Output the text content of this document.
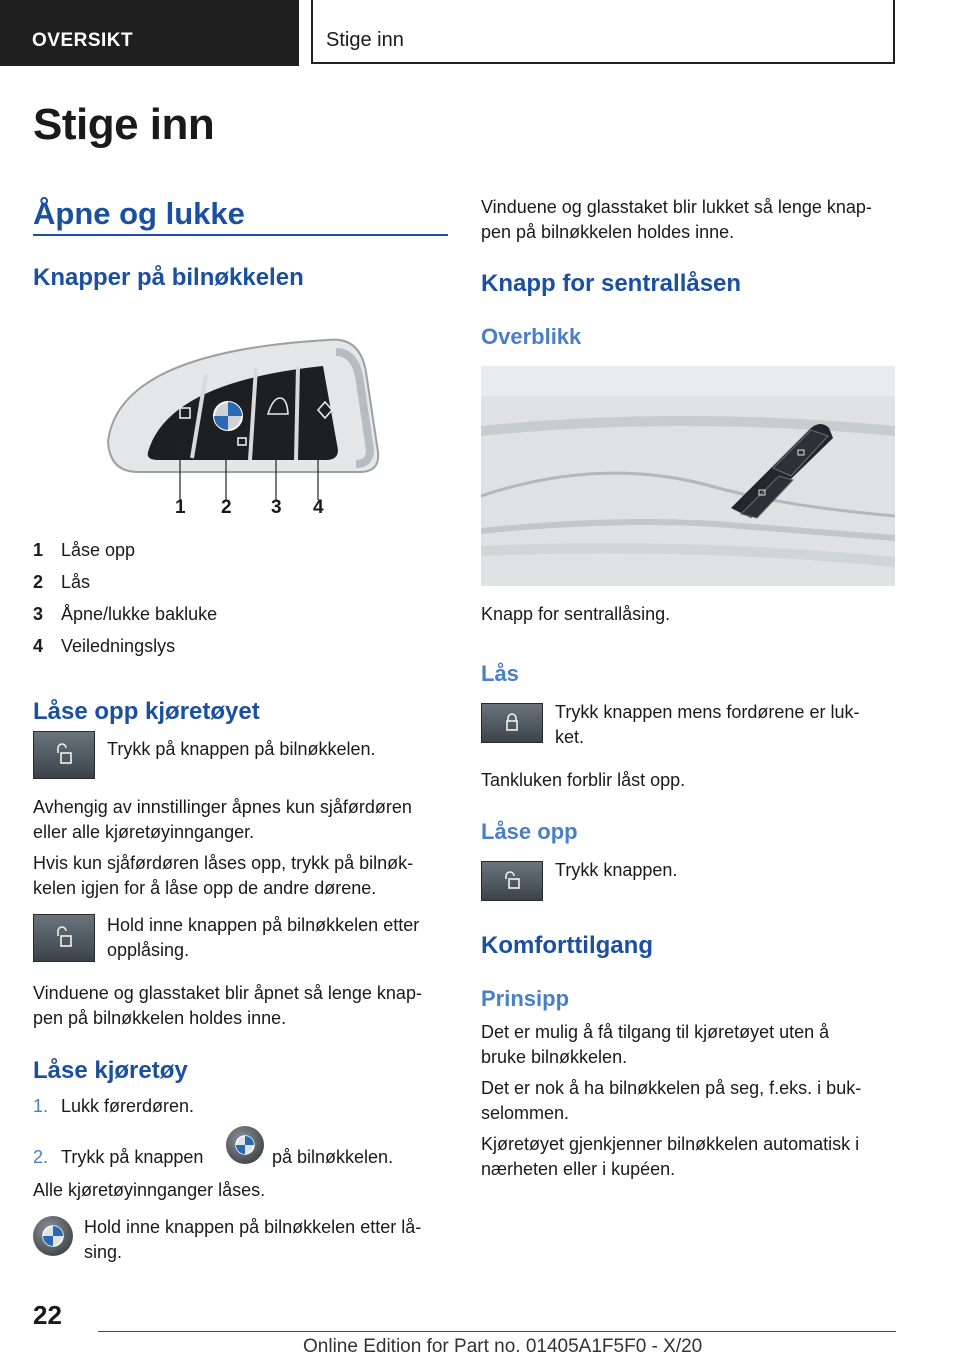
OVERSIKT	Stige inn
Stige inn
Åpne og lukke
Knapper på bilnøkkelen
1 2 3 4
1 Låse opp
2 Lås
3 Åpne/lukke bakluke
4 Veiledningslys
Låse opp kjøretøyet
Trykk på knappen på bilnøkkelen.
Avhengig av innstillinger åpnes kun sjåførdøren
eller alle kjøretøyinnganger.
Hvis kun sjåførdøren låses opp, trykk på bilnøk-
kelen igjen for å låse opp de andre dørene.
Hold inne knappen på bilnøkkelen etter
opplåsing.
Vinduene og glasstaket blir åpnet så lenge knap-
pen på bilnøkkelen holdes inne.
Låse kjøretøy
1. Lukk førerdøren.
2. Trykk på knappen	på bilnøkkelen.
Alle kjøretøyinnganger låses.
Hold inne knappen på bilnøkkelen etter lå-
sing.
Vinduene og glasstaket blir lukket så lenge knap-
pen på bilnøkkelen holdes inne.
Knapp for sentrallåsen
Overblikk
Knapp for sentrallåsing.
Lås
Trykk knappen mens fordørene er luk-
ket.
Tankluken forblir låst opp.
Låse opp
Trykk knappen.
Komforttilgang
Prinsipp
Det er mulig å få tilgang til kjøretøyet uten å
bruke bilnøkkelen.
Det er nok å ha bilnøkkelen på seg, f.eks. i buk-
selommen.
Kjøretøyet gjenkjenner bilnøkkelen automatisk i
nærheten eller i kupéen.
22
Online Edition for Part no. 01405A1F5F0 - X/20
